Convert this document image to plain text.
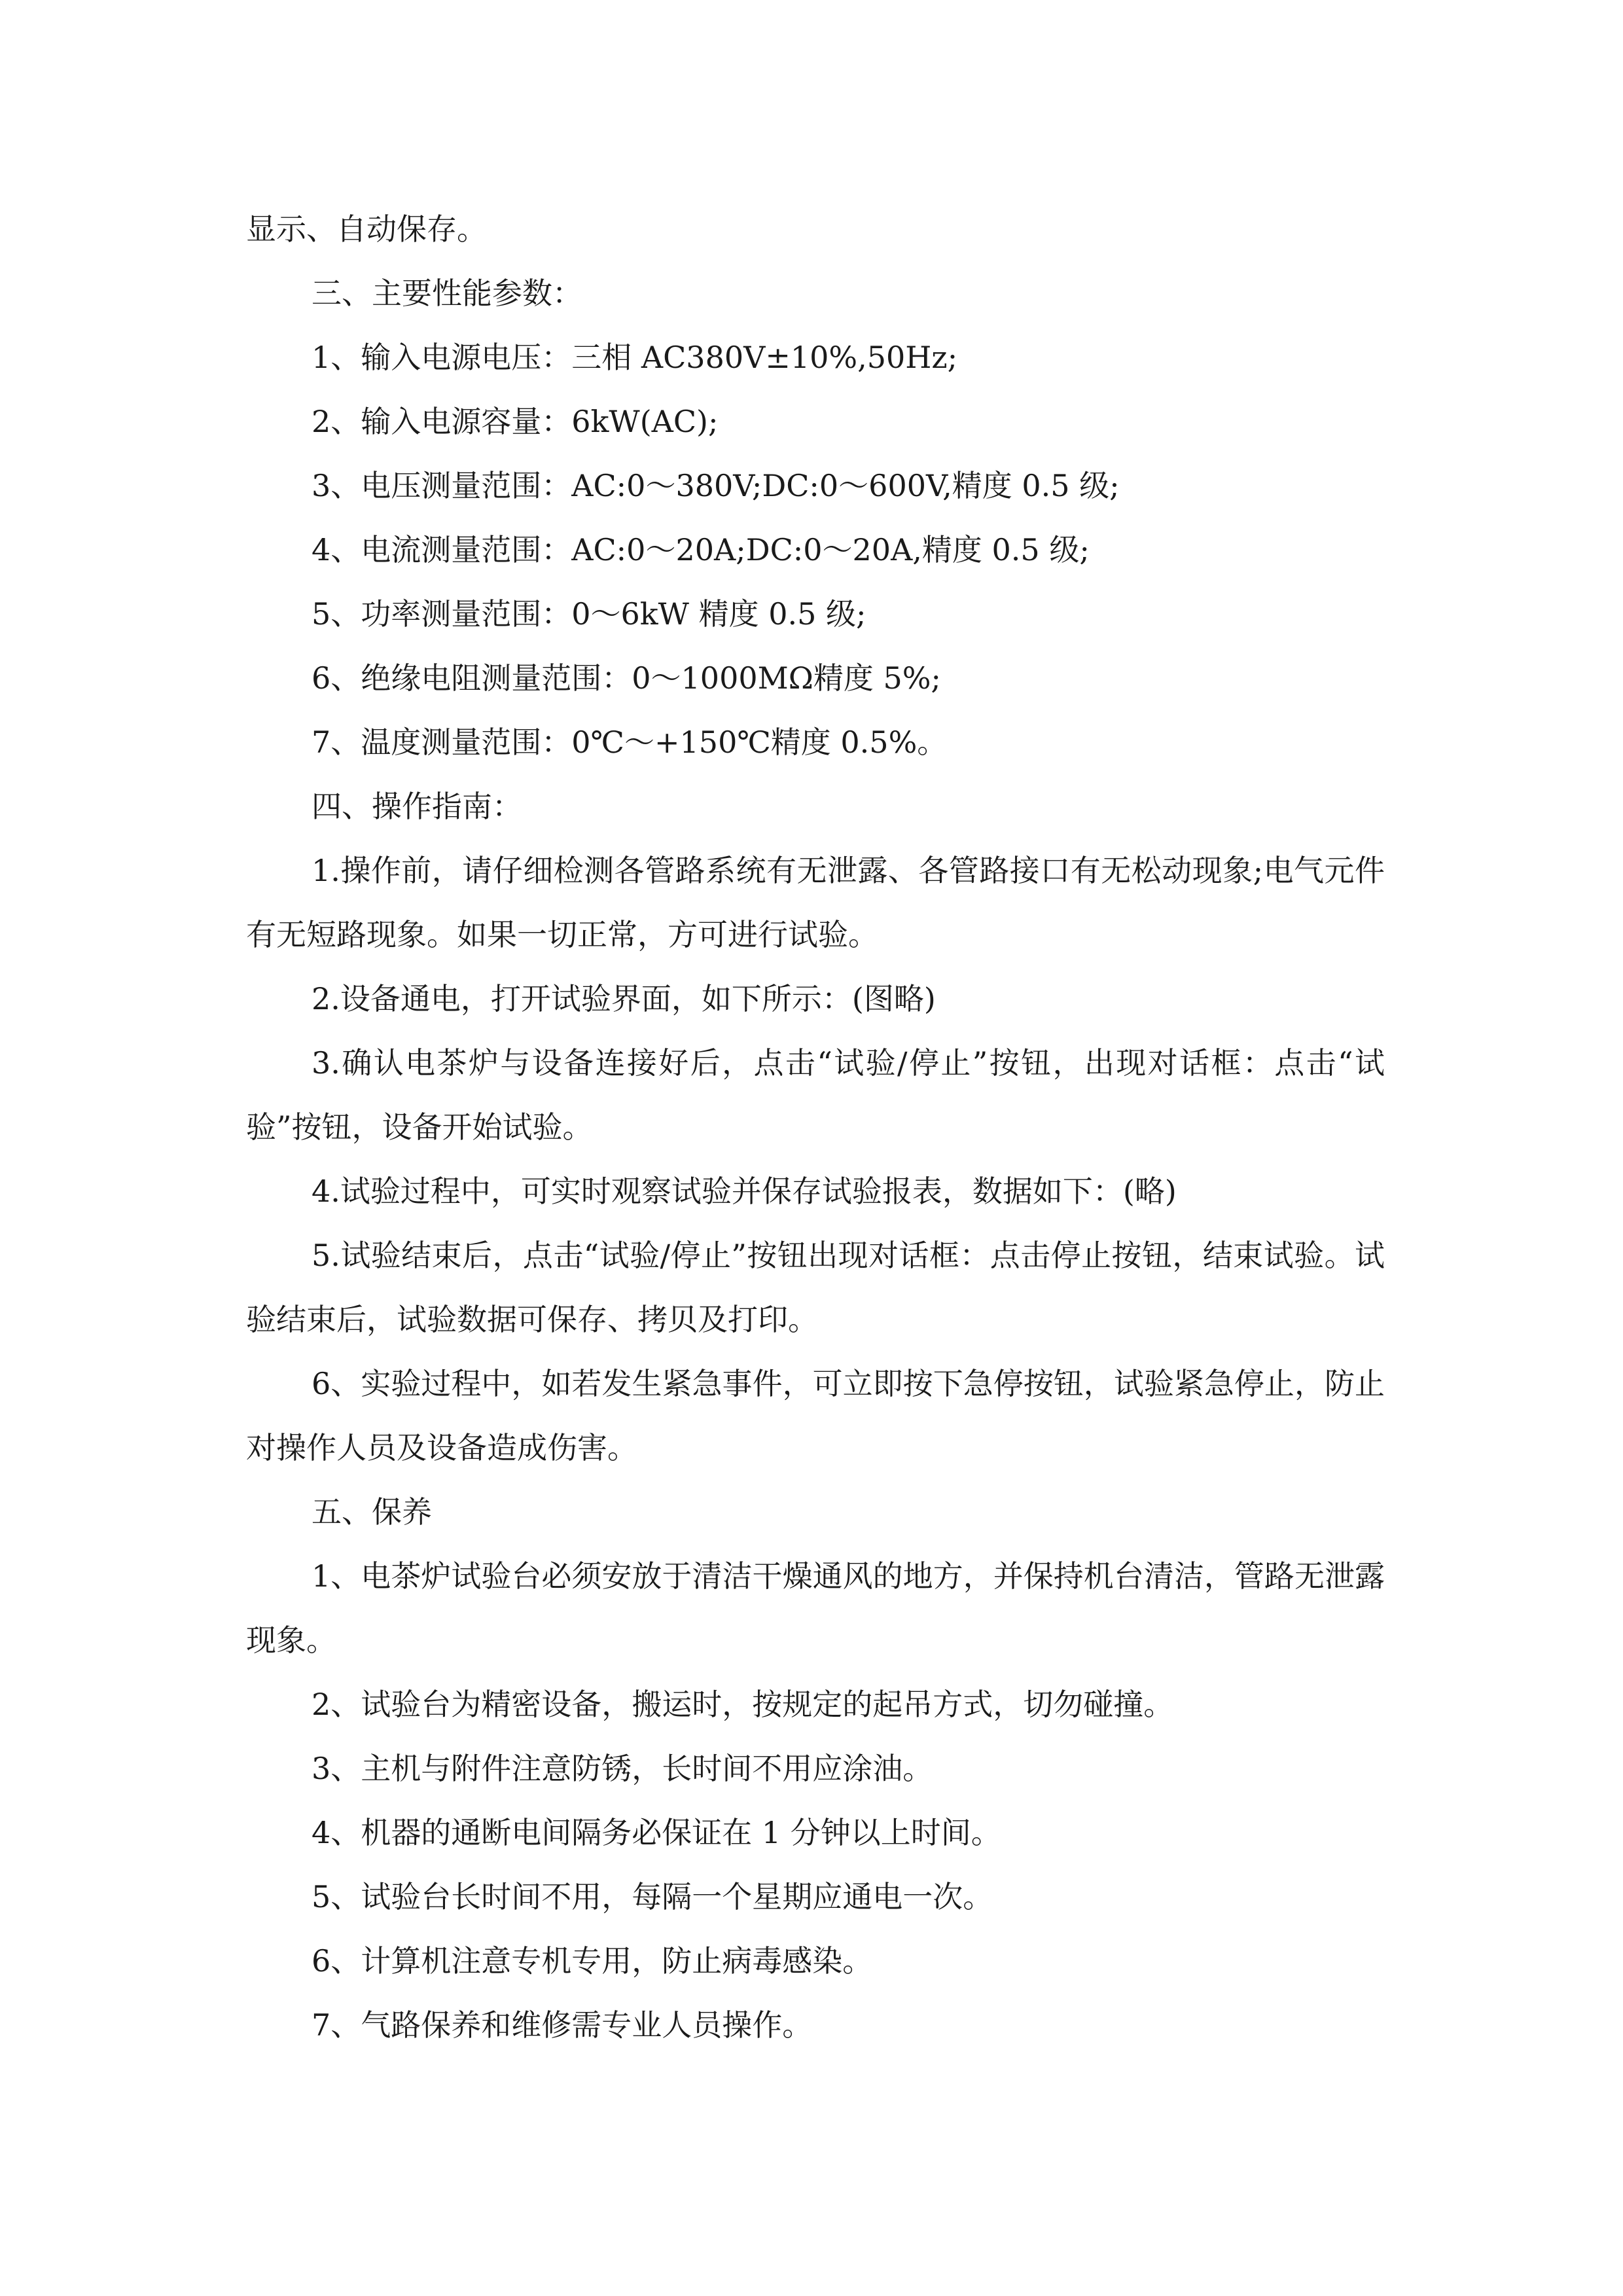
显示、自动保存。

三、主要性能参数：

1、输入电源电压：三相 AC380V±10%,50Hz;

2、输入电源容量：6kW(AC);

3、电压测量范围：AC:0～380V;DC:0～600V,精度 0.5 级;

4、电流测量范围：AC:0～20A;DC:0～20A,精度 0.5 级;

5、功率测量范围：0～6kW 精度 0.5 级;

6、绝缘电阻测量范围：0～1000MΩ精度 5%;

7、温度测量范围：0℃～+150℃精度 0.5%。

四、操作指南：

1.操作前，请仔细检测各管路系统有无泄露、各管路接口有无松动现象;电气元件有无短路现象。如果一切正常，方可进行试验。

2.设备通电，打开试验界面，如下所示：(图略)

3.确认电茶炉与设备连接好后，点击“试验/停止”按钮，出现对话框：点击“试验”按钮，设备开始试验。

4.试验过程中，可实时观察试验并保存试验报表，数据如下：(略)

5.试验结束后，点击“试验/停止”按钮出现对话框：点击停止按钮，结束试验。试验结束后，试验数据可保存、拷贝及打印。

6、实验过程中，如若发生紧急事件，可立即按下急停按钮，试验紧急停止，防止对操作人员及设备造成伤害。

五、保养

1、电茶炉试验台必须安放于清洁干燥通风的地方，并保持机台清洁，管路无泄露现象。

2、试验台为精密设备，搬运时，按规定的起吊方式，切勿碰撞。

3、主机与附件注意防锈，长时间不用应涂油。

4、机器的通断电间隔务必保证在 1 分钟以上时间。

5、试验台长时间不用，每隔一个星期应通电一次。

6、计算机注意专机专用，防止病毒感染。

7、气路保养和维修需专业人员操作。
